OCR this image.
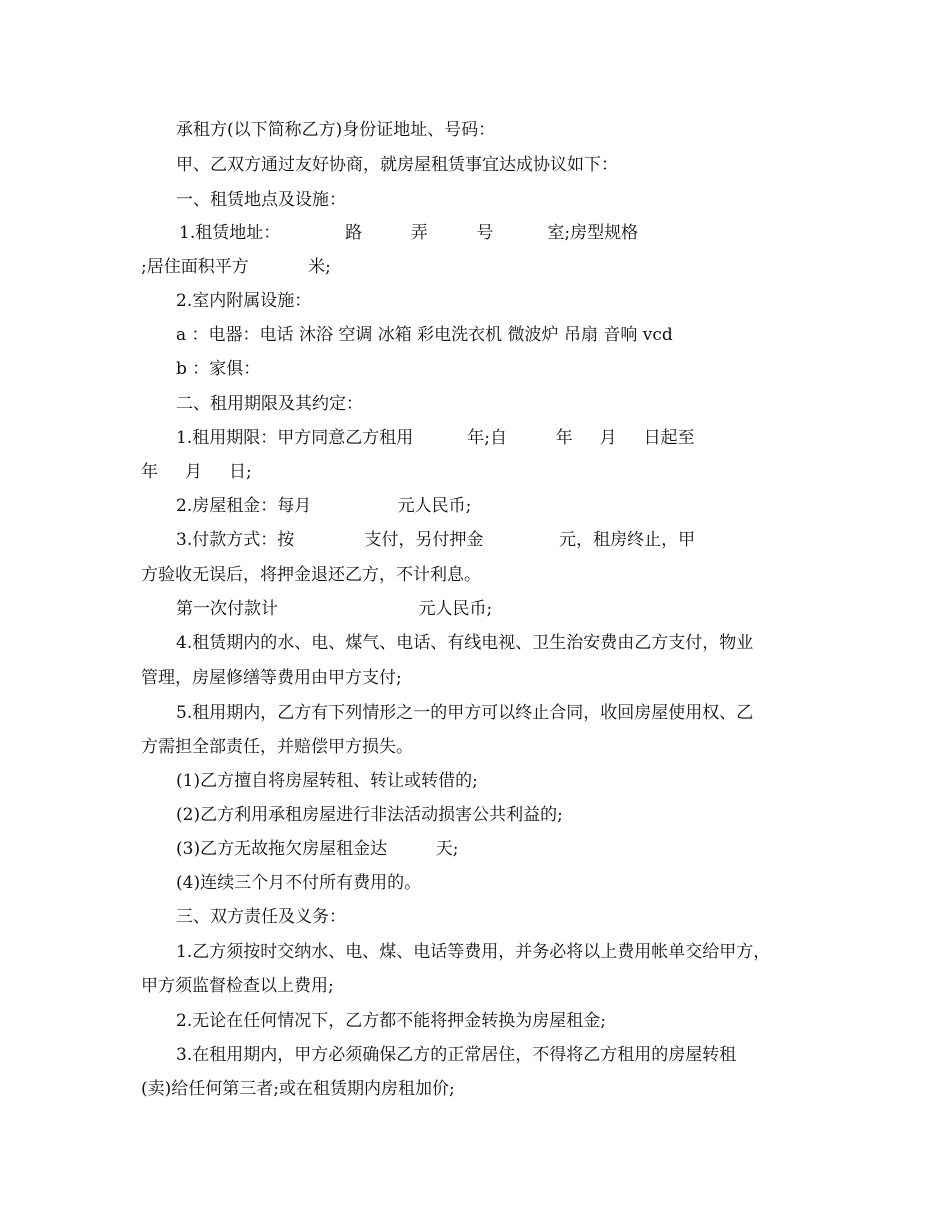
承租方(以下简称乙方)身份证地址、号码：
甲、乙双方通过友好协商，就房屋租赁事宜达成协议如下：
一、租赁地点及设施：
1.租赁地址：            路         弄         号          室;房型规格
;居住面积平方           米;
2.室内附属设施：
a ：电器：电话 沐浴 空调 冰箱 彩电洗衣机 微波炉 吊扇 音响 vcd
b ：家俱：
二、租用期限及其约定：
1.租用期限：甲方同意乙方租用          年;自         年     月     日起至
年     月     日;
2.房屋租金：每月                元人民币;
3.付款方式：按             支付，另付押金              元，租房终止，甲
方验收无误后，将押金退还乙方，不计利息。
第一次付款计                          元人民币;
4.租赁期内的水、电、煤气、电话、有线电视、卫生治安费由乙方支付，物业
管理，房屋修缮等费用由甲方支付;
5.租用期内，乙方有下列情形之一的甲方可以终止合同，收回房屋使用权、乙
方需担全部责任，并赔偿甲方损失。
(1)乙方擅自将房屋转租、转让或转借的;
(2)乙方利用承租房屋进行非法活动损害公共利益的;
(3)乙方无故拖欠房屋租金达         天;
(4)连续三个月不付所有费用的。
三、双方责任及义务：
1.乙方须按时交纳水、电、煤、电话等费用，并务必将以上费用帐单交给甲方，
甲方须监督检查以上费用;
2.无论在任何情况下，乙方都不能将押金转换为房屋租金;
3.在租用期内，甲方必须确保乙方的正常居住，不得将乙方租用的房屋转租
(卖)给任何第三者;或在租赁期内房租加价;
